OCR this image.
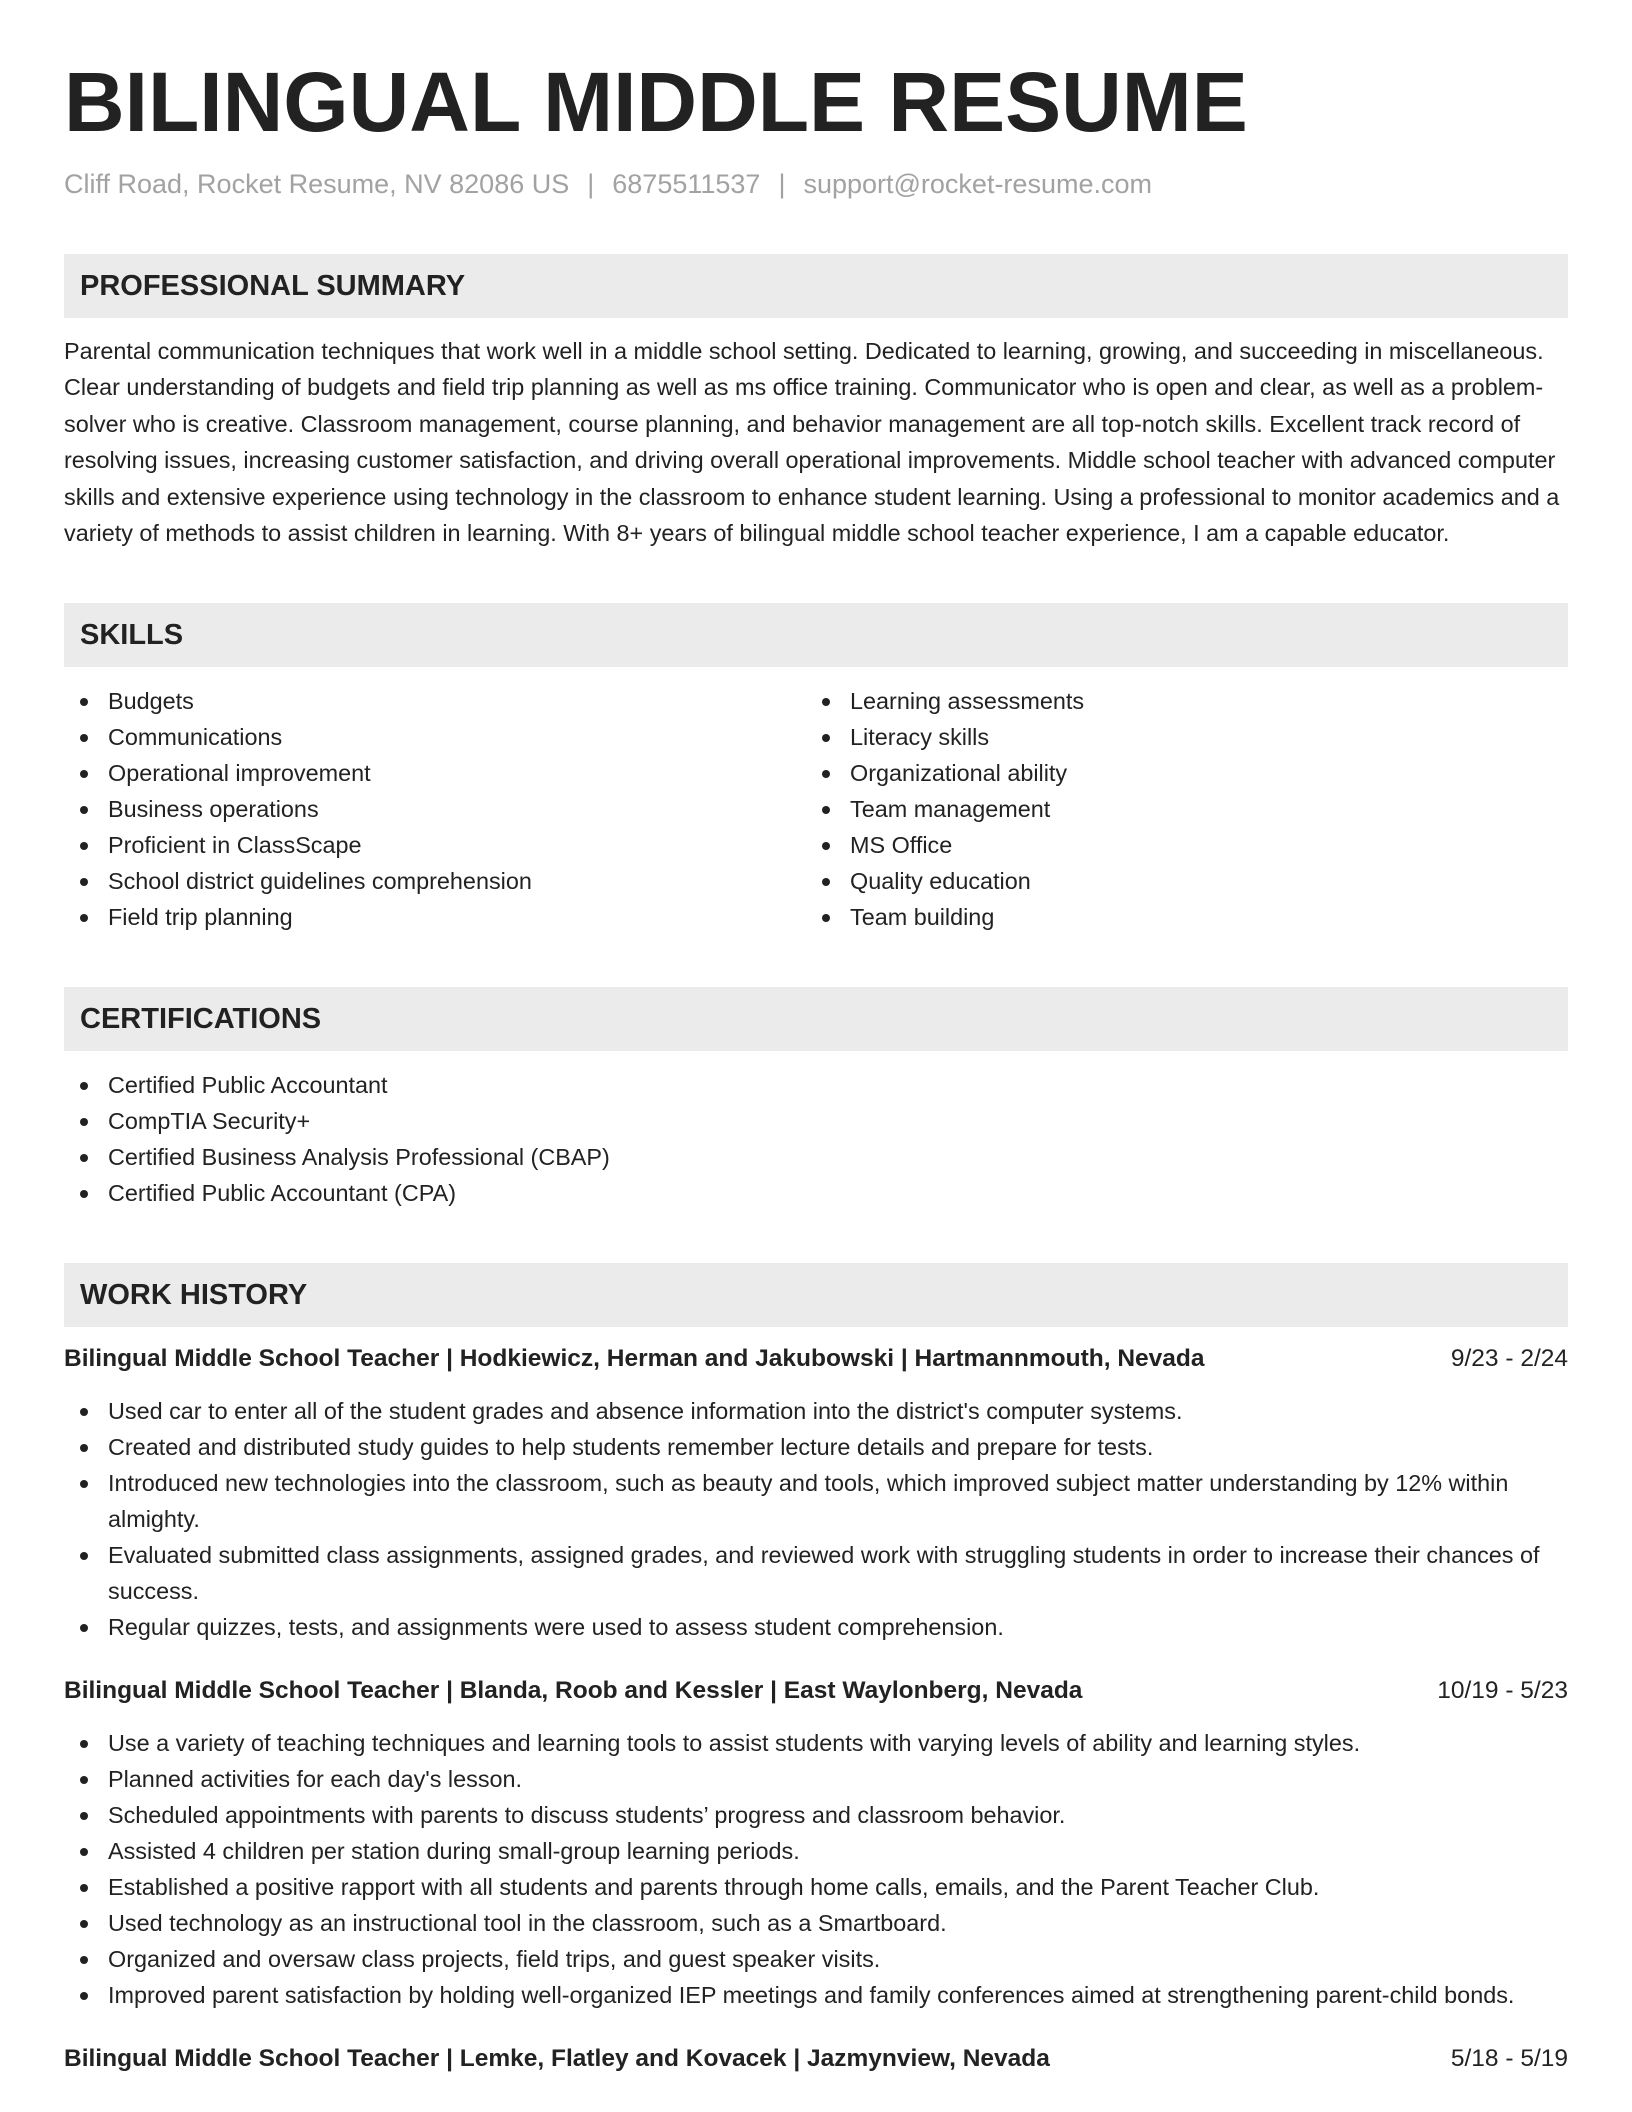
BILINGUAL MIDDLE RESUME
Cliff Road, Rocket Resume, NV 82086 US | 6875511537 | support@rocket-resume.com
PROFESSIONAL SUMMARY
Parental communication techniques that work well in a middle school setting. Dedicated to learning, growing, and succeeding in miscellaneous. Clear understanding of budgets and field trip planning as well as ms office training. Communicator who is open and clear, as well as a problem-solver who is creative. Classroom management, course planning, and behavior management are all top-notch skills. Excellent track record of resolving issues, increasing customer satisfaction, and driving overall operational improvements. Middle school teacher with advanced computer skills and extensive experience using technology in the classroom to enhance student learning. Using a professional to monitor academics and a variety of methods to assist children in learning. With 8+ years of bilingual middle school teacher experience, I am a capable educator.
SKILLS
Budgets
Communications
Operational improvement
Business operations
Proficient in ClassScape
School district guidelines comprehension
Field trip planning
Learning assessments
Literacy skills
Organizational ability
Team management
MS Office
Quality education
Team building
CERTIFICATIONS
Certified Public Accountant
CompTIA Security+
Certified Business Analysis Professional (CBAP)
Certified Public Accountant (CPA)
WORK HISTORY
Bilingual Middle School Teacher | Hodkiewicz, Herman and Jakubowski | Hartmannmouth, Nevada	9/23 - 2/24
Used car to enter all of the student grades and absence information into the district's computer systems.
Created and distributed study guides to help students remember lecture details and prepare for tests.
Introduced new technologies into the classroom, such as beauty and tools, which improved subject matter understanding by 12% within almighty.
Evaluated submitted class assignments, assigned grades, and reviewed work with struggling students in order to increase their chances of success.
Regular quizzes, tests, and assignments were used to assess student comprehension.
Bilingual Middle School Teacher | Blanda, Roob and Kessler | East Waylonberg, Nevada	10/19 - 5/23
Use a variety of teaching techniques and learning tools to assist students with varying levels of ability and learning styles.
Planned activities for each day's lesson.
Scheduled appointments with parents to discuss students’ progress and classroom behavior.
Assisted 4 children per station during small-group learning periods.
Established a positive rapport with all students and parents through home calls, emails, and the Parent Teacher Club.
Used technology as an instructional tool in the classroom, such as a Smartboard.
Organized and oversaw class projects, field trips, and guest speaker visits.
Improved parent satisfaction by holding well-organized IEP meetings and family conferences aimed at strengthening parent-child bonds.
Bilingual Middle School Teacher | Lemke, Flatley and Kovacek | Jazmynview, Nevada	5/18 - 5/19
